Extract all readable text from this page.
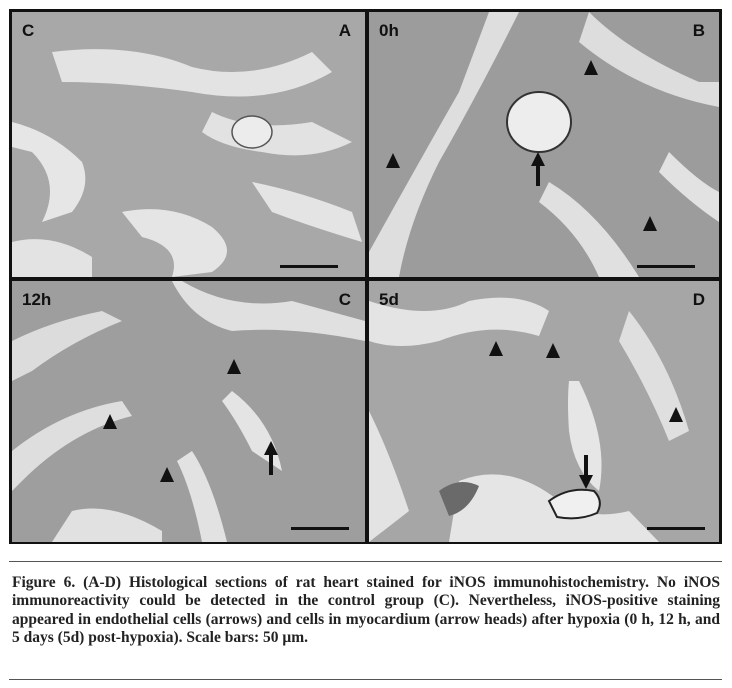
C	A 0h	B
12h	C 5d	D

Figure 6. (A-D) Histological sections of rat heart stained for iNOS immunohistochemistry. No iNOS immunoreactivity could be detected in the control group (C). Nevertheless, iNOS-positive staining appeared in endothelial cells (arrows) and cells in myocardium (arrow heads) after hypoxia (0 h, 12 h, and 5 days (5d) post-hypoxia). Scale bars: 50 μm.
